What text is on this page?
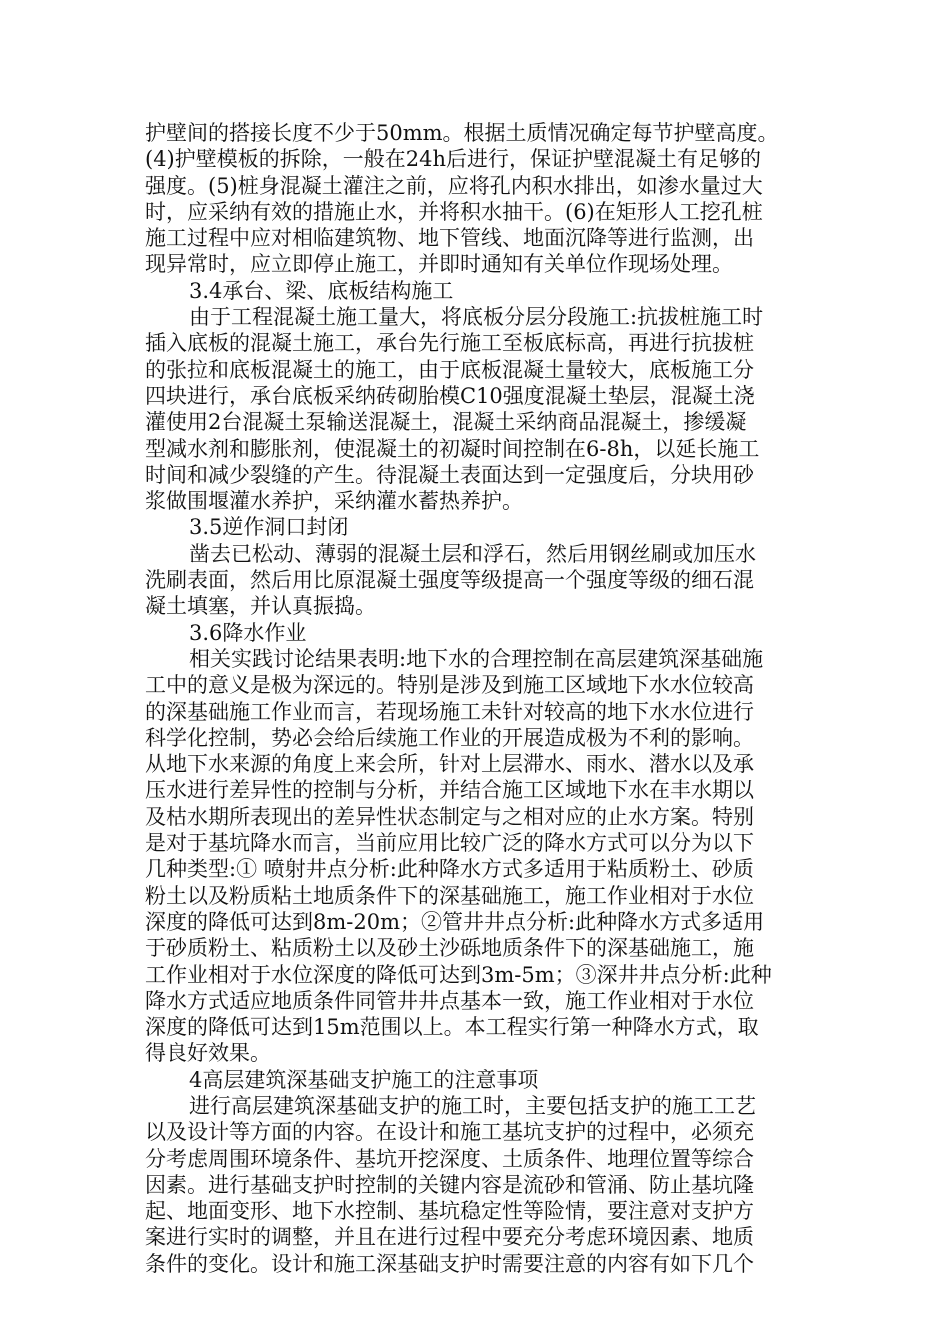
护壁间的搭接长度不少于50mm。根据土质情况确定每节护壁高度。
(4)护壁模板的拆除，一般在24h后进行，保证护壁混凝土有足够的
强度。(5)桩身混凝土灌注之前，应将孔内积水排出，如渗水量过大
时，应采纳有效的措施止水，并将积水抽干。(6)在矩形人工挖孔桩
施工过程中应对相临建筑物、地下管线、地面沉降等进行监测，出
现异常时，应立即停止施工，并即时通知有关单位作现场处理。
3.4承台、梁、底板结构施工
由于工程混凝土施工量大，将底板分层分段施工:抗拔桩施工时
插入底板的混凝土施工，承台先行施工至板底标高，再进行抗拔桩
的张拉和底板混凝土的施工，由于底板混凝土量较大，底板施工分
四块进行，承台底板采纳砖砌胎模C10强度混凝土垫层，混凝土浇
灌使用2台混凝土泵输送混凝土，混凝土采纳商品混凝土，掺缓凝
型减水剂和膨胀剂，使混凝土的初凝时间控制在6-8h，以延长施工
时间和减少裂缝的产生。待混凝土表面达到一定强度后，分块用砂
浆做围堰灌水养护，采纳灌水蓄热养护。
3.5逆作洞口封闭
凿去已松动、薄弱的混凝土层和浮石，然后用钢丝刷或加压水
洗刷表面，然后用比原混凝土强度等级提高一个强度等级的细石混
凝土填塞，并认真振捣。
3.6降水作业
相关实践讨论结果表明:地下水的合理控制在高层建筑深基础施
工中的意义是极为深远的。特别是涉及到施工区域地下水水位较高
的深基础施工作业而言，若现场施工未针对较高的地下水水位进行
科学化控制，势必会给后续施工作业的开展造成极为不利的影响。
从地下水来源的角度上来会所，针对上层滞水、雨水、潜水以及承
压水进行差异性的控制与分析，并结合施工区域地下水在丰水期以
及枯水期所表现出的差异性状态制定与之相对应的止水方案。特别
是对于基坑降水而言，当前应用比较广泛的降水方式可以分为以下
几种类型:① 喷射井点分析:此种降水方式多适用于粘质粉土、砂质
粉土以及粉质粘土地质条件下的深基础施工，施工作业相对于水位
深度的降低可达到8m-20m；②管井井点分析:此种降水方式多适用
于砂质粉土、粘质粉土以及砂土沙砾地质条件下的深基础施工，施
工作业相对于水位深度的降低可达到3m-5m；③深井井点分析:此种
降水方式适应地质条件同管井井点基本一致，施工作业相对于水位
深度的降低可达到15m范围以上。本工程实行第一种降水方式，取
得良好效果。
4高层建筑深基础支护施工的注意事项
进行高层建筑深基础支护的施工时，主要包括支护的施工工艺
以及设计等方面的内容。在设计和施工基坑支护的过程中，必须充
分考虑周围环境条件、基坑开挖深度、土质条件、地理位置等综合
因素。进行基础支护时控制的关键内容是流砂和管涌、防止基坑隆
起、地面变形、地下水控制、基坑稳定性等险情，要注意对支护方
案进行实时的调整，并且在进行过程中要充分考虑环境因素、地质
条件的变化。设计和施工深基础支护时需要注意的内容有如下几个
